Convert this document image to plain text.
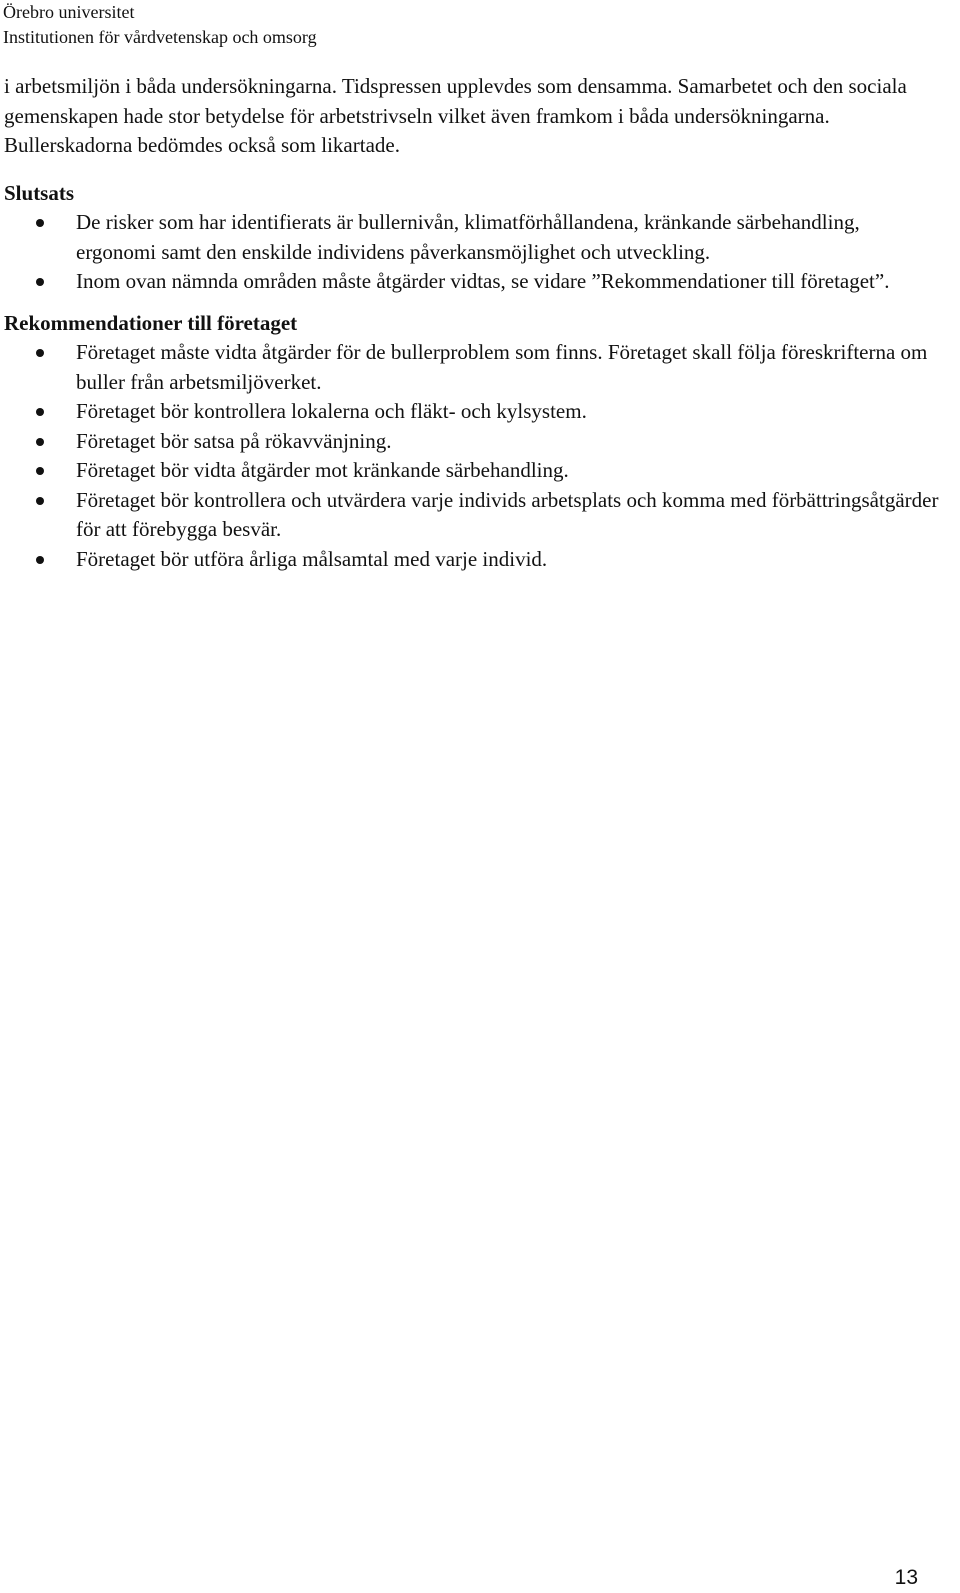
Örebro universitet
Institutionen för vårdvetenskap och omsorg

i arbetsmiljön i båda undersökningarna. Tidspressen upplevdes som densamma. Samarbetet och den sociala gemenskapen hade stor betydelse för arbetstrivseln vilket även framkom i båda undersökningarna. Bullerskadorna bedömdes också som likartade.

Slutsats
De risker som har identifierats är bullernivån, klimatförhållandena, kränkande särbehandling, ergonomi samt den enskilde individens påverkansmöjlighet och utveckling.
Inom ovan nämnda områden måste åtgärder vidtas, se vidare ”Rekommendationer till företaget”.
Rekommendationer till företaget
Företaget måste vidta åtgärder för de bullerproblem som finns. Företaget skall följa föreskrifterna om buller från arbetsmiljöverket.
Företaget bör kontrollera lokalerna och fläkt- och kylsystem.
Företaget bör satsa på rökavvänjning.
Företaget bör vidta åtgärder mot kränkande särbehandling.
Företaget bör kontrollera och utvärdera varje individs arbetsplats och komma med förbättringsåtgärder för att förebygga besvär.
Företaget bör utföra årliga målsamtal med varje individ.
13
